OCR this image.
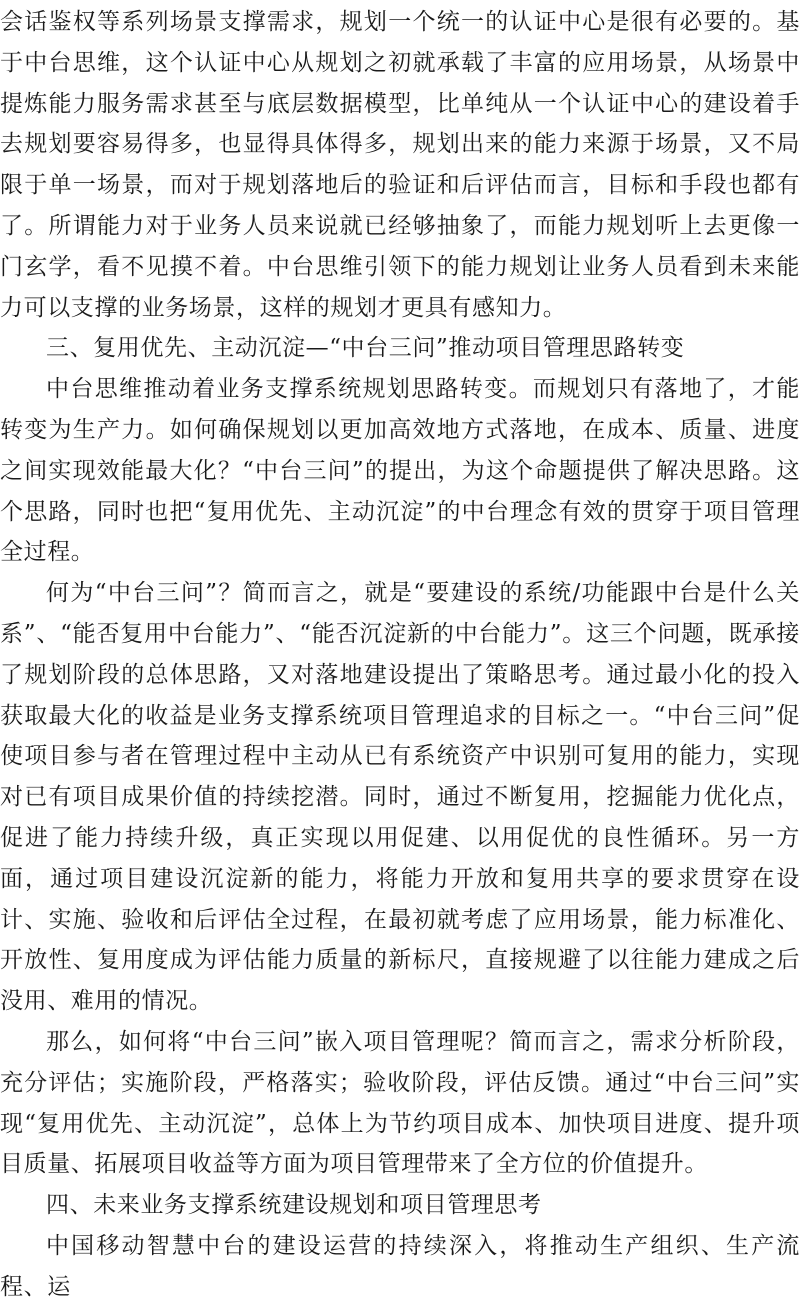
会话鉴权等系列场景支撑需求，规划一个统一的认证中心是很有必要的。基于中台思维，这个认证中心从规划之初就承载了丰富的应用场景，从场景中提炼能力服务需求甚至与底层数据模型，比单纯从一个认证中心的建设着手去规划要容易得多，也显得具体得多，规划出来的能力来源于场景，又不局限于单一场景，而对于规划落地后的验证和后评估而言，目标和手段也都有了。所谓能力对于业务人员来说就已经够抽象了，而能力规划听上去更像一门玄学，看不见摸不着。中台思维引领下的能力规划让业务人员看到未来能力可以支撑的业务场景，这样的规划才更具有感知力。

三、复用优先、主动沉淀—“中台三问”推动项目管理思路转变

中台思维推动着业务支撑系统规划思路转变。而规划只有落地了，才能转变为生产力。如何确保规划以更加高效地方式落地，在成本、质量、进度之间实现效能最大化？“中台三问”的提出，为这个命题提供了解决思路。这个思路，同时也把“复用优先、主动沉淀”的中台理念有效的贯穿于项目管理全过程。

何为“中台三问”？简而言之，就是“要建设的系统/功能跟中台是什么关系”、“能否复用中台能力”、“能否沉淀新的中台能力”。这三个问题，既承接了规划阶段的总体思路，又对落地建设提出了策略思考。通过最小化的投入获取最大化的收益是业务支撑系统项目管理追求的目标之一。“中台三问”促使项目参与者在管理过程中主动从已有系统资产中识别可复用的能力，实现对已有项目成果价值的持续挖潜。同时，通过不断复用，挖掘能力优化点，促进了能力持续升级，真正实现以用促建、以用促优的良性循环。另一方面，通过项目建设沉淀新的能力，将能力开放和复用共享的要求贯穿在设计、实施、验收和后评估全过程，在最初就考虑了应用场景，能力标准化、开放性、复用度成为评估能力质量的新标尺，直接规避了以往能力建成之后没用、难用的情况。

那么，如何将“中台三问”嵌入项目管理呢？简而言之，需求分析阶段，充分评估；实施阶段，严格落实；验收阶段，评估反馈。通过“中台三问”实现“复用优先、主动沉淀”，总体上为节约项目成本、加快项目进度、提升项目质量、拓展项目收益等方面为项目管理带来了全方位的价值提升。

四、未来业务支撑系统建设规划和项目管理思考

中国移动智慧中台的建设运营的持续深入，将推动生产组织、生产流程、运
